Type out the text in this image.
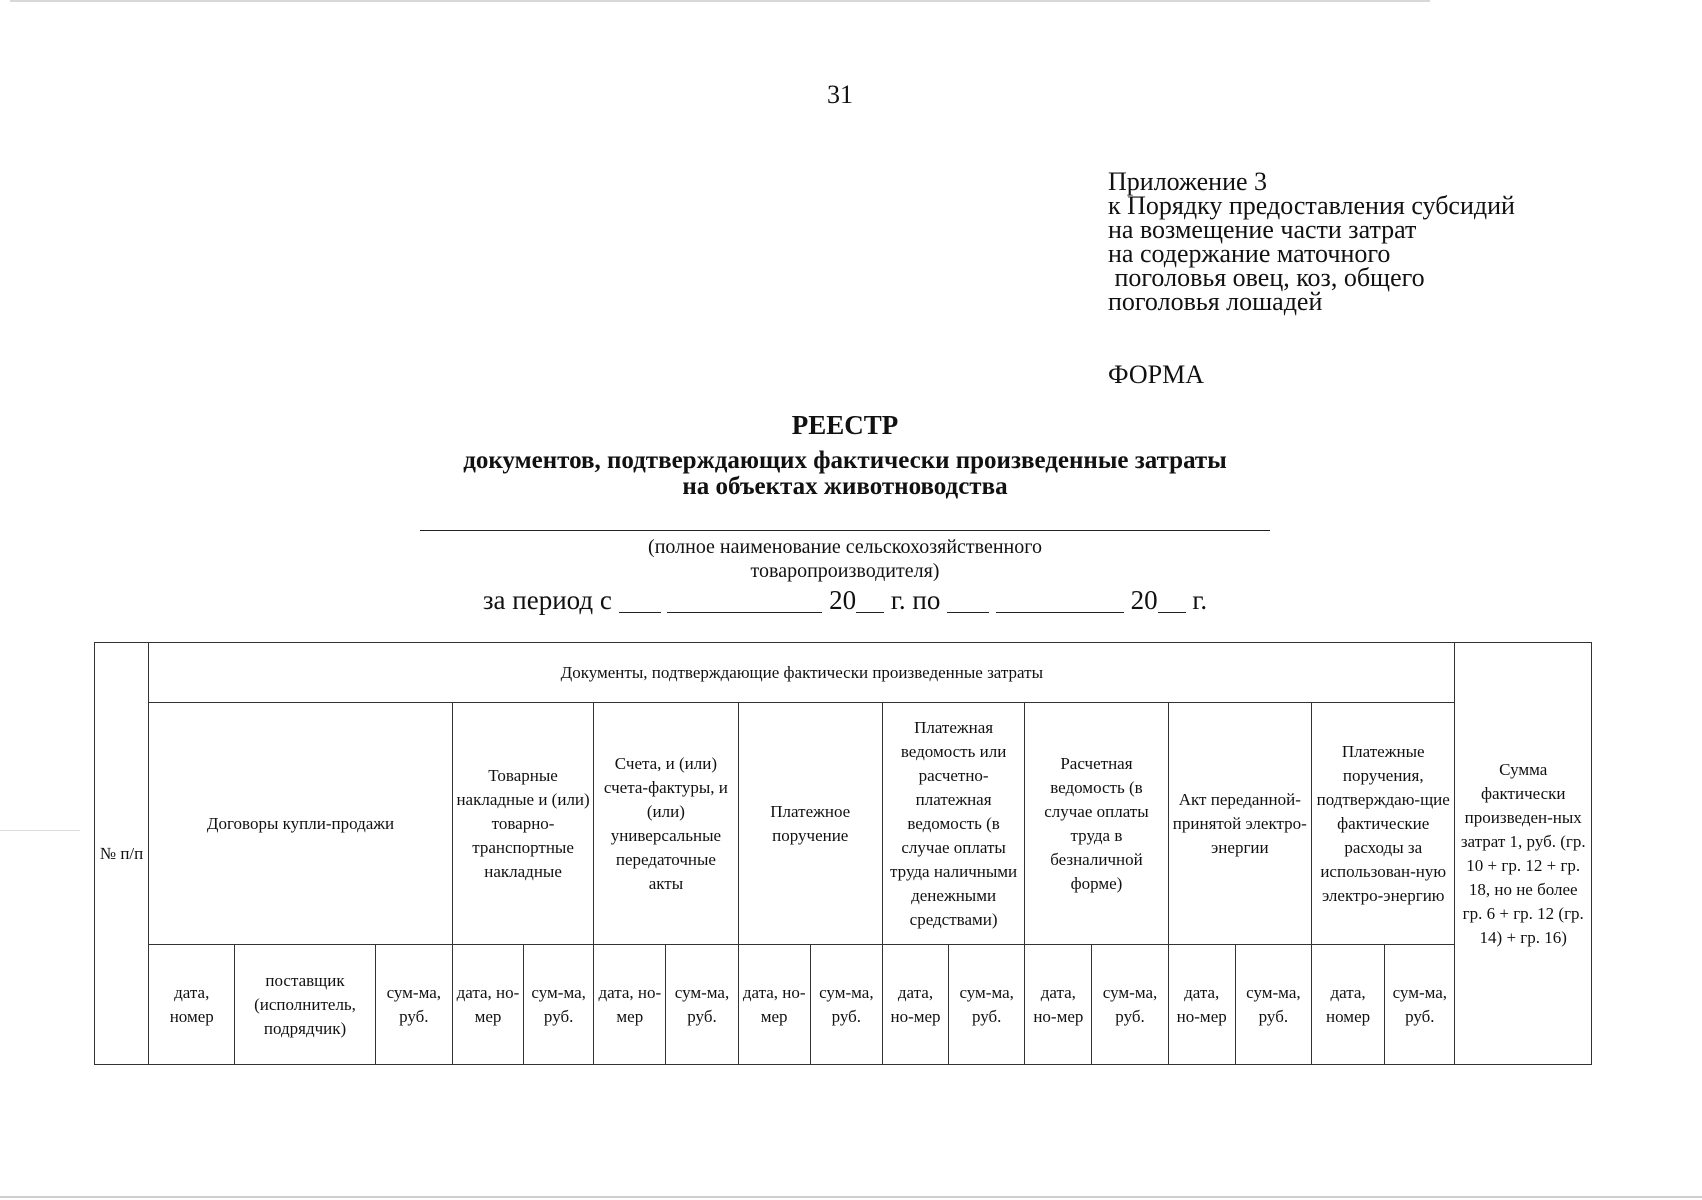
31
Приложение 3
к Порядку предоставления субсидий
на возмещение части затрат
на содержание маточного
поголовья овец, коз, общего
поголовья лошадей
ФОРМА
РЕЕСТР
документов, подтверждающих фактически произведенные затраты
на объектах животноводства
(полное наименование сельскохозяйственного
товаропроизводителя)
за период с	20 г. по	20 г.
№ п/п	Документы, подтверждающие фактически произведенные затраты																	Сумма фактически произведен-ных затрат 1, руб. (гр. 10 + гр. 12 + гр. 18, но не более гр. 6 + гр. 12 (гр. 14) + гр. 16)
	Договоры купли-продажи			Товарные накладные и (или) товарно-транспортные накладные		Счета, и (или) счета-фактуры, и (или) универсальные передаточные акты		Платежное поручение		Платежная ведомость или расчетно-платежная ведомость (в случае оплаты труда наличными денежными средствами)		Расчетная ведомость (в случае оплаты труда в безналичной форме)		Акт переданной-принятой электро-энергии		Платежные поручения, подтверждаю-щие фактические расходы за использован-ную электро-энергию		
	дата, номер	поставщик (исполнитель, подрядчик)	сум-ма, руб.	дата, но-мер	сум-ма, руб.	дата, но-мер	сум-ма, руб.	дата, но-мер	сум-ма, руб.	дата, но-мер	сум-ма, руб.	дата, но-мер	сум-ма, руб.	дата, но-мер	сум-ма, руб.	дата, номер	сум-ма, руб.	
